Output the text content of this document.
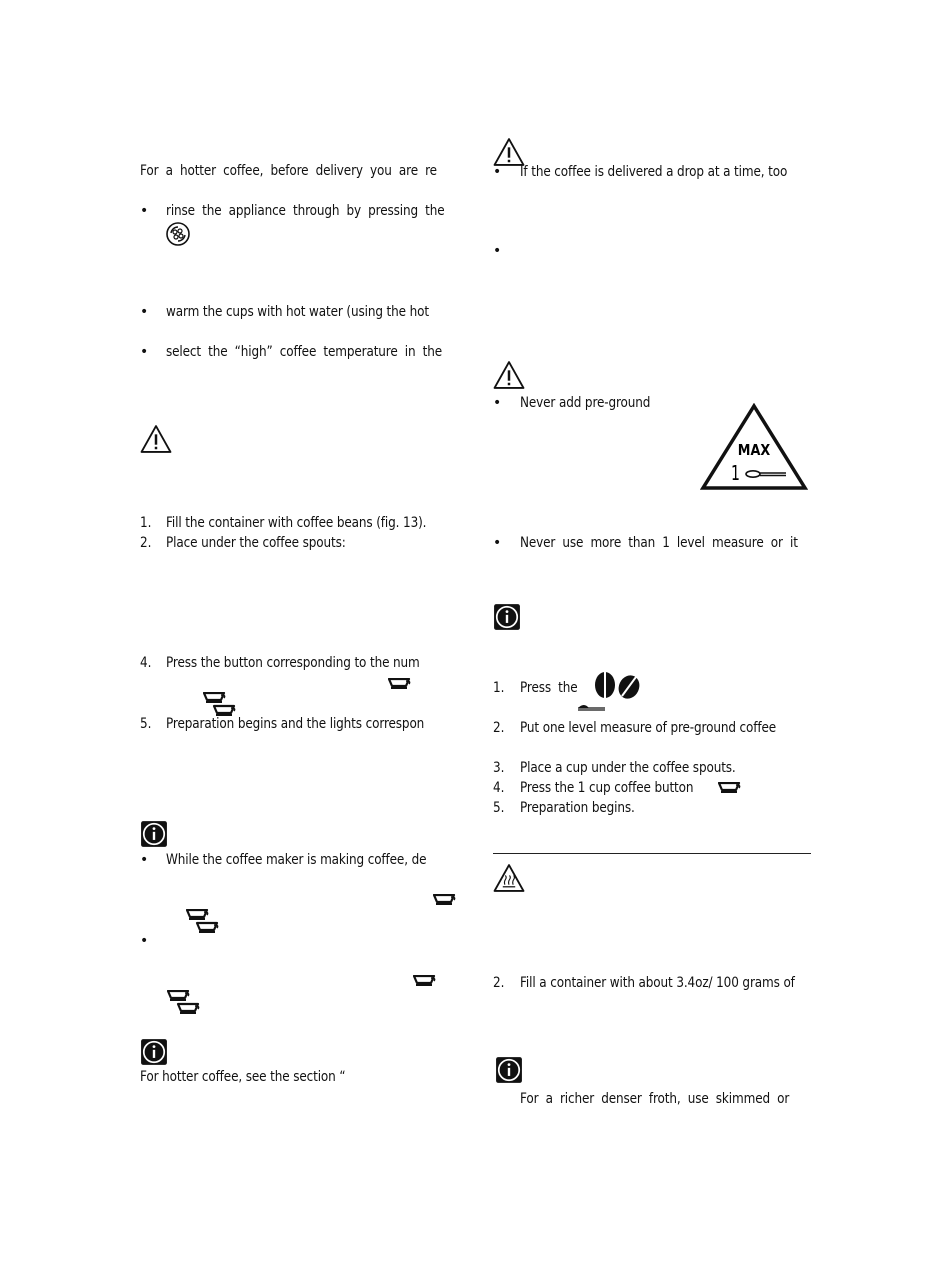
For a hotter coffee, before delivery you are re
• rinse the appliance through by pressing the
• warm the cups with hot water (using the hot
• select the “high” coffee temperature in the
1. Fill the container with coffee beans (fig. 13).
2. Place under the coffee spouts:
4. Press the button corresponding to the num
5. Preparation begins and the lights correspon
• While the coffee maker is making coffee, de
•
For hotter coffee, see the section “
• If the coffee is delivered a drop at a time, too
•
• Never add pre-ground
MAX
1
• Never use more than 1 level measure or it
1. Press the
2. Put one level measure of pre-ground coffee
3. Place a cup under the coffee spouts.
4. Press the 1 cup coffee button
5. Preparation begins.
2. Fill a container with about 3.4oz/ 100 grams of
For a richer denser froth, use skimmed or
